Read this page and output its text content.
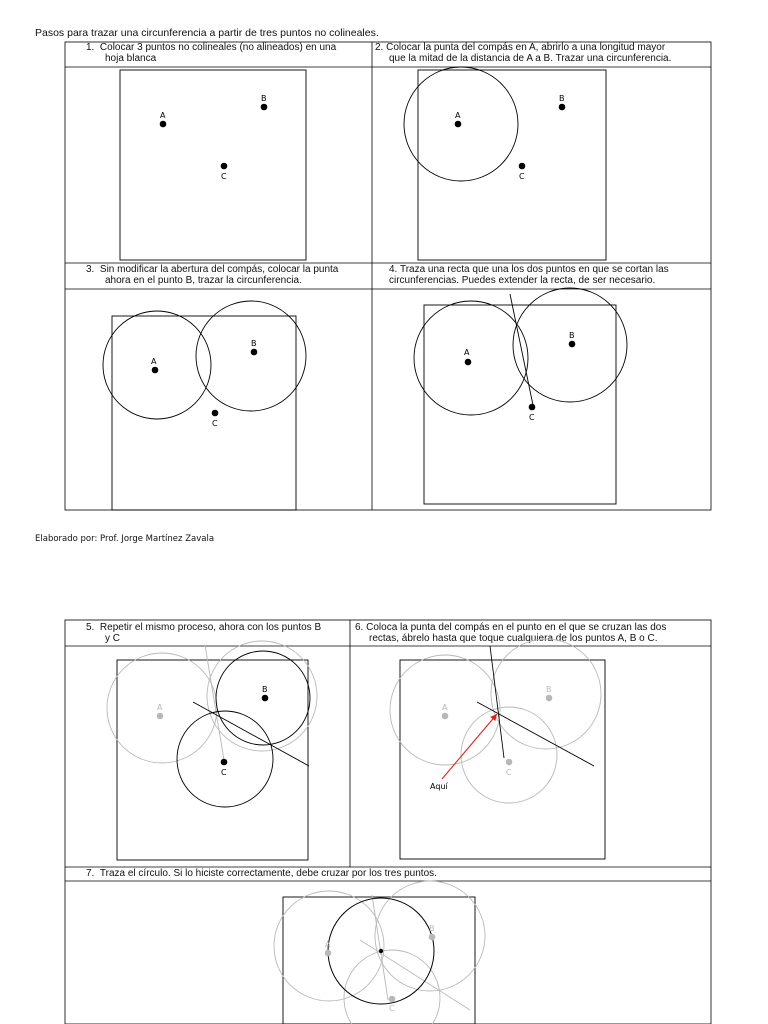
Pasos para trazar una circunferencia a partir de tres puntos no colineales.
1. Colocar 3 puntos no colineales (no alineados) en una
hoja blanca
2. Colocar la punta del compás en A, abrirlo a una longitud mayor
que la mitad de la distancia de A a B. Trazar una circunferencia.
3. Sin modificar la abertura del compás, colocar la punta
ahora en el punto B, trazar la circunferencia.
4. Traza una recta que una los dos puntos en que se cortan las
circunferencias. Puedes extender la recta, de ser necesario.
Elaborado por: Prof. Jorge Martínez Zavala
5. Repetir el mismo proceso, ahora con los puntos B
y C
6. Coloca la punta del compás en el punto en el que se cruzan las dos
rectas, ábrelo hasta que toque cualquiera de los puntos A, B o C.
7. Traza el círculo. Si lo hiciste correctamente, debe cruzar por los tres puntos.
A
B
C
A
B
C
A
B
C
A
B
C
A
B
C
A
B
C
Aquí
A
B
C
